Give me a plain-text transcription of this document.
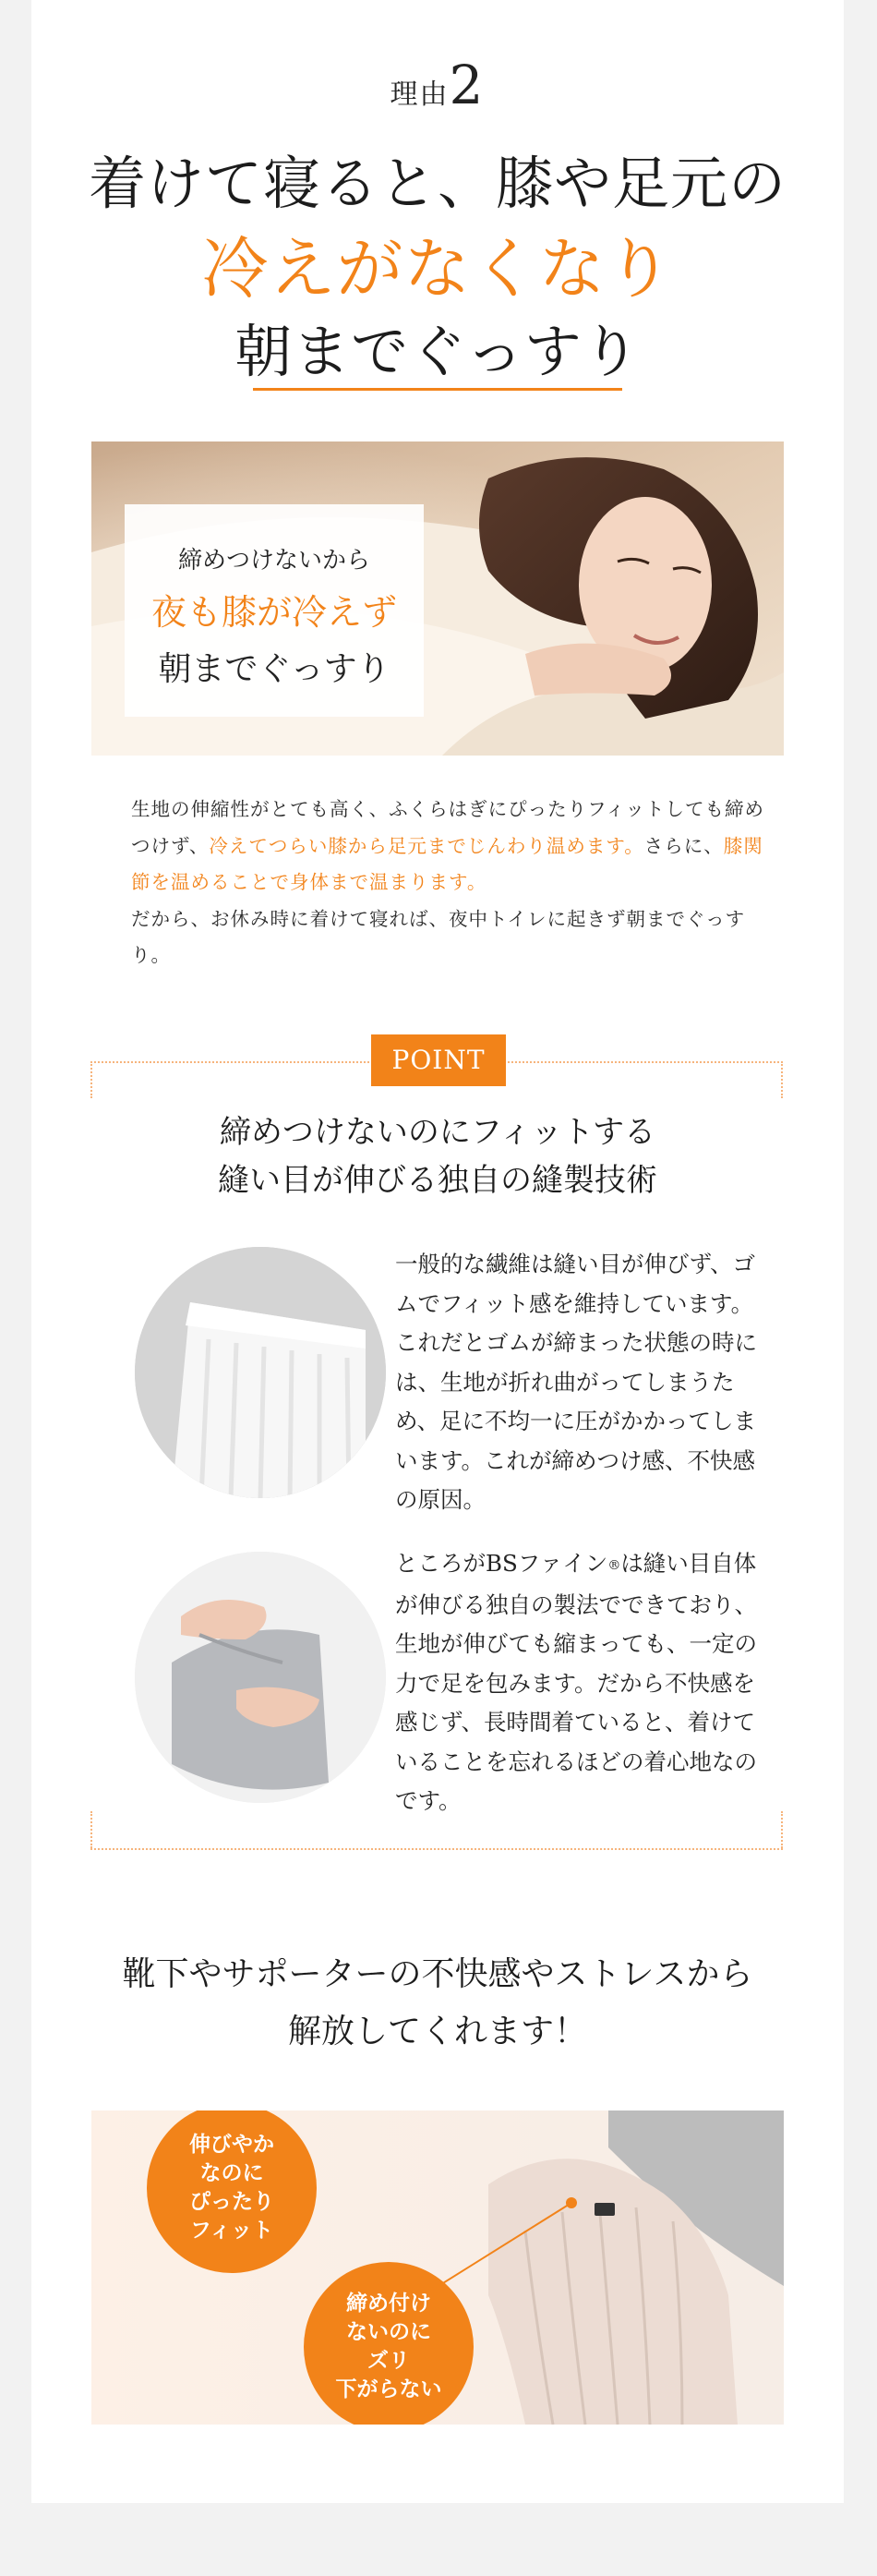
理由2
着けて寝ると、膝や足元の
冷えがなくなり
朝までぐっすり
締めつけないから
夜も膝が冷えず
朝までぐっすり
生地の伸縮性がとても高く、ふくらはぎにぴったりフィットしても締めつけず、冷えてつらい膝から足元までじんわり温めます。さらに、膝関節を温めることで身体まで温まります。
だから、お休み時に着けて寝れば、夜中トイレに起きず朝までぐっすり。
POINT
締めつけないのにフィットする
縫い目が伸びる独自の縫製技術
一般的な繊維は縫い目が伸びず、ゴムでフィット感を維持しています。これだとゴムが締まった状態の時には、生地が折れ曲がってしまうため、足に不均一に圧がかかってしまいます。これが締めつけ感、不快感の原因。
ところがBSファイン®は縫い目自体が伸びる独自の製法でできており、生地が伸びても縮まっても、一定の力で足を包みます。だから不快感を感じず、長時間着ていると、着けていることを忘れるほどの着心地なのです。
靴下やサポーターの不快感やストレスから
解放してくれます！
伸びやか
なのに
ぴったり
フィット
締め付け
ないのに
ズリ
下がらない
